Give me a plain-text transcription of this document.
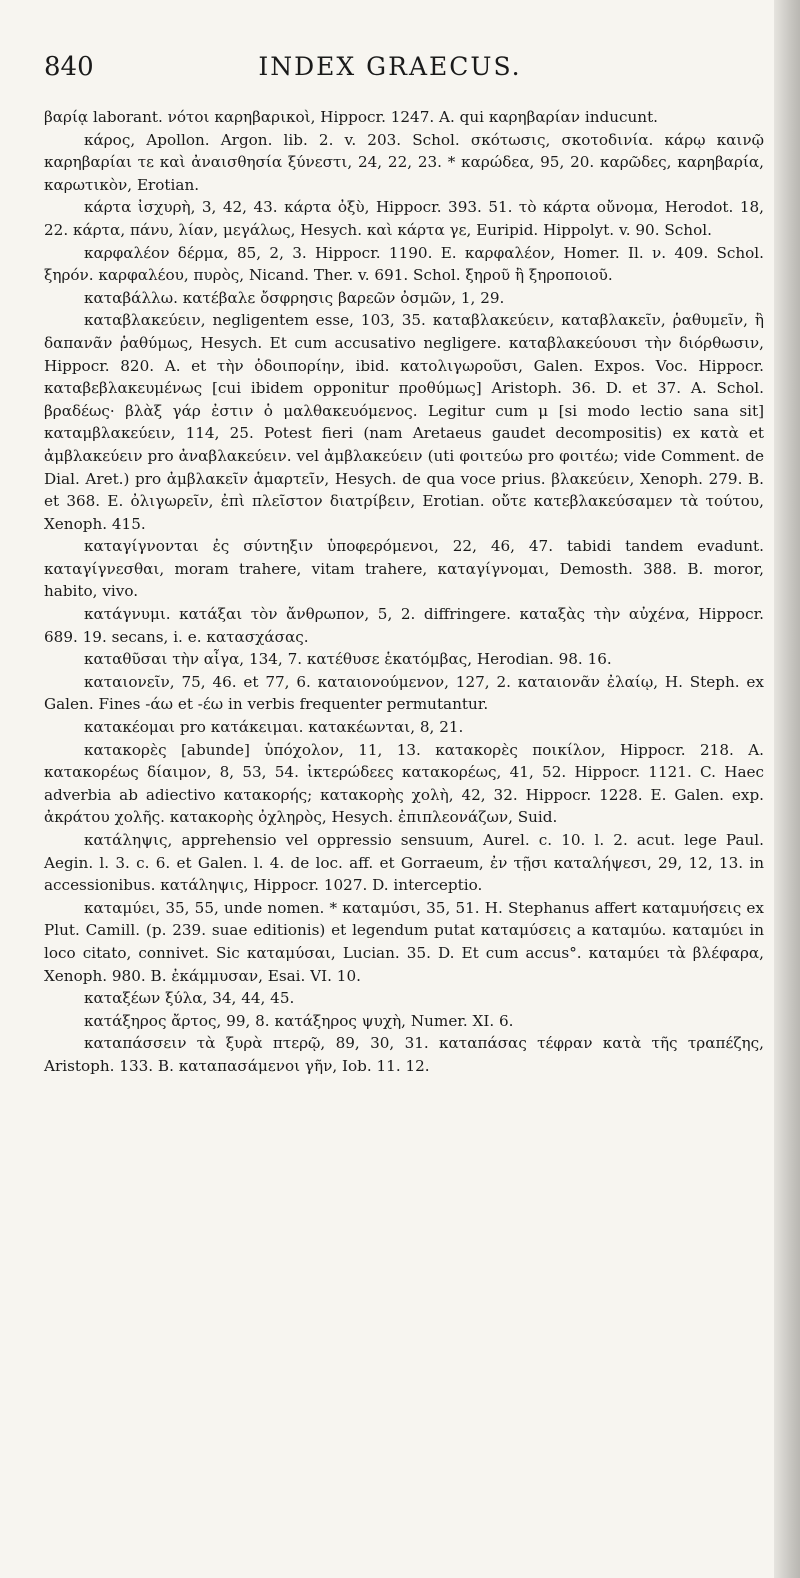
840	INDEX GRAECUS.

βαρίᾳ laborant. νότοι καρηβαρικοὶ, Hippocr. 1247. A. qui καρηβαρίαν inducunt.

κάρος, Apollon. Argon. lib. 2. v. 203. Schol. σκότωσις, σκοτοδινία. κάρῳ καινῷ καρηβαρίαι τε καὶ ἀναισθησία ξύνεστι, 24, 22, 23. * καρώδεα, 95, 20. καρῶδες, καρηβαρία, καρωτικὸν, Erotian.

κάρτα ἰσχυρὴ, 3, 42, 43. κάρτα ὀξὺ, Hippocr. 393. 51. τὸ κάρτα οὔνομα, Herodot. 18, 22. κάρτα, πάνυ, λίαν, μεγάλως, Hesych. καὶ κάρτα γε, Euripid. Hippolyt. v. 90. Schol.

καρφαλέον δέρμα, 85, 2, 3. Hippocr. 1190. E. καρφαλέον, Homer. Il. ν. 409. Schol. ξηρόν. καρφαλέου, πυρὸς, Nicand. Ther. v. 691. Schol. ξηροῦ ἢ ξηροποιοῦ.

καταβάλλω. κατέβαλε ὄσφρησις βαρεῶν ὀσμῶν, 1, 29.

καταβλακεύειν, negligentem esse, 103, 35. καταβλακεύειν, καταβλακεῖν, ῥαθυμεῖν, ἢ δαπανᾶν ῥαθύμως, Hesych. Et cum accusativo negligere. καταβλακεύουσι τὴν διόρθωσιν, Hippocr. 820. A. et τὴν ὁδοιπορίην, ibid. κατολιγωροῦσι, Galen. Expos. Voc. Hippocr. καταβεβλακευμένως [cui ibidem opponitur προθύμως] Aristoph. 36. D. et 37. A. Schol. βραδέως· βλὰξ γάρ ἐστιν ὁ μαλθακευόμενος. Legitur cum μ [si modo lectio sana sit] καταμβλακεύειν, 114, 25. Potest fieri (nam Aretaeus gaudet decompositis) ex κατὰ et ἀμβλακεύειν pro ἀναβλακεύειν. vel ἀμβλακεύειν (uti φοιτεύω pro φοιτέω; vide Comment. de Dial. Aret.) pro ἀμβλακεῖν ἁμαρτεῖν, Hesych. de qua voce prius. βλακεύειν, Xenoph. 279. B. et 368. E. ὀλιγωρεῖν, ἐπὶ πλεῖστον διατρίβειν, Erotian. οὔτε κατεβλακεύσαμεν τὰ τούτου, Xenoph. 415.

καταγίγνονται ἐς σύντηξιν ὑποφερόμενοι, 22, 46, 47. tabidi tandem evadunt. καταγίγνεσθαι, moram trahere, vitam trahere, καταγίγνομαι, Demosth. 388. B. moror, habito, vivo.

κατάγνυμι. κατάξαι τὸν ἄνθρωπον, 5, 2. diffringere. καταξὰς τὴν αὐχένα, Hippocr. 689. 19. secans, i. e. κατασχάσας.

καταθῦσαι τὴν αἶγα, 134, 7. κατέθυσε ἑκατόμβας, Herodian. 98. 16.

καταιονεῖν, 75, 46. et 77, 6. καταιονούμενον, 127, 2. καταιονᾶν ἐλαίῳ, H. Steph. ex Galen. Fines -άω et -έω in verbis frequenter permutantur.

κατακέομαι pro κατάκειμαι. κατακέωνται, 8, 21.

κατακορὲς [abunde] ὑπόχολον, 11, 13. κατακορὲς ποικίλον, Hippocr. 218. A. κατακορέως δίαιμον, 8, 53, 54. ἰκτερώδεες κατακορέως, 41, 52. Hippocr. 1121. C. Haec adverbia ab adiectivo κατακορής; κατακορὴς χολὴ, 42, 32. Hippocr. 1228. E. Galen. exp. ἀκράτου χολῆς. κατακορὴς ὀχληρὸς, Hesych. ἐπιπλεονάζων, Suid.

κατάληψις, apprehensio vel oppressio sensuum, Aurel. c. 10. l. 2. acut. lege Paul. Aegin. l. 3. c. 6. et Galen. l. 4. de loc. aff. et Gorraeum, ἐν τῇσι καταλήψεσι, 29, 12, 13. in accessionibus. κατάληψις, Hippocr. 1027. D. interceptio.

καταμύει, 35, 55, unde nomen. * καταμύσι, 35, 51. H. Stephanus affert καταμυήσεις ex Plut. Camill. (p. 239. suae editionis) et legendum putat καταμύσεις a καταμύω. καταμύει in loco citato, connivet. Sic καταμύσαι, Lucian. 35. D. Et cum accus°. καταμύει τὰ βλέφαρα, Xenoph. 980. B. ἐκάμμυσαν, Esai. VI. 10.

καταξέων ξύλα, 34, 44, 45.

κατάξηρος ἄρτος, 99, 8. κατάξηρος ψυχὴ, Numer. XI. 6.

καταπάσσειν τὰ ξυρὰ πτερῷ, 89, 30, 31. καταπάσας τέφραν κατὰ τῆς τραπέζης, Aristoph. 133. B. καταπασάμενοι γῆν, Iob. 11. 12.
